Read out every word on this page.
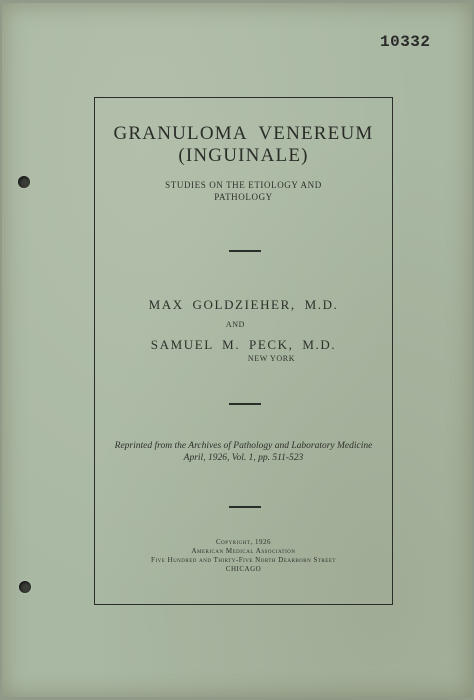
10332
GRANULOMA VENEREUM
(INGUINALE)
STUDIES ON THE ETIOLOGY AND
PATHOLOGY
MAX GOLDZIEHER, M.D.
AND
SAMUEL M. PECK, M.D.
NEW YORK
Reprinted from the Archives of Pathology and Laboratory Medicine
April, 1926, Vol. 1, pp. 511-523
Copyright, 1926
American Medical Association
Five Hundred and Thirty-Five North Dearborn Street
CHICAGO
